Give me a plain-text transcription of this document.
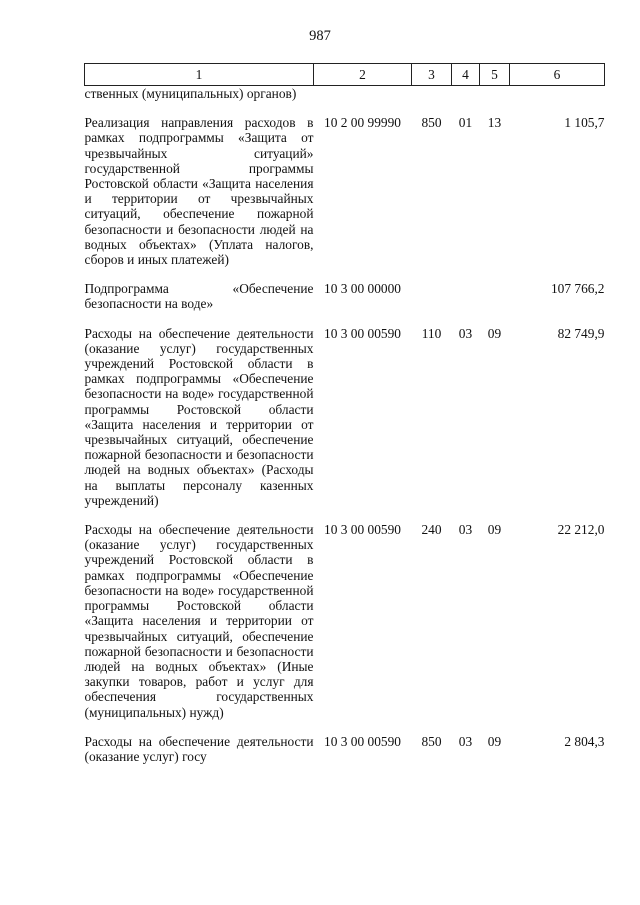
987
1	2	3	4	5	6
ственных (муниципальных) органов)					
Реализация направления расходов в рамках подпрограммы «Защита от чрезвычайных ситуаций» государственной программы Ростовской области «Защита населения и территории от чрезвычайных ситуаций, обеспечение пожарной безопасности и безопасности людей на водных объектах» (Уплата налогов, сборов и иных платежей)	10 2 00 99990	850	01	13	1 105,7
Подпрограмма «Обеспечение безопасности на воде»	10 3 00 00000				107 766,2
Расходы на обеспечение деятельности (оказание услуг) государственных учреждений Ростовской области в рамках подпрограммы «Обеспечение безопасности на воде» государственной программы Ростовской области «Защита населения и территории от чрезвычайных ситуаций, обеспечение пожарной безопасности и безопасности людей на водных объектах» (Расходы на выплаты персоналу казенных учреждений)	10 3 00 00590	110	03	09	82 749,9
Расходы на обеспечение деятельности (оказание услуг) государственных учреждений Ростовской области в рамках подпрограммы «Обеспечение безопасности на воде» государственной программы Ростовской области «Защита населения и территории от чрезвычайных ситуаций, обеспечение пожарной безопасности и безопасности людей на водных объектах» (Иные закупки товаров, работ и услуг для обеспечения государственных (муниципальных) нужд)	10 3 00 00590	240	03	09	22 212,0
Расходы на обеспечение деятельности (оказание услуг) госу	10 3 00 00590	850	03	09	2 804,3
